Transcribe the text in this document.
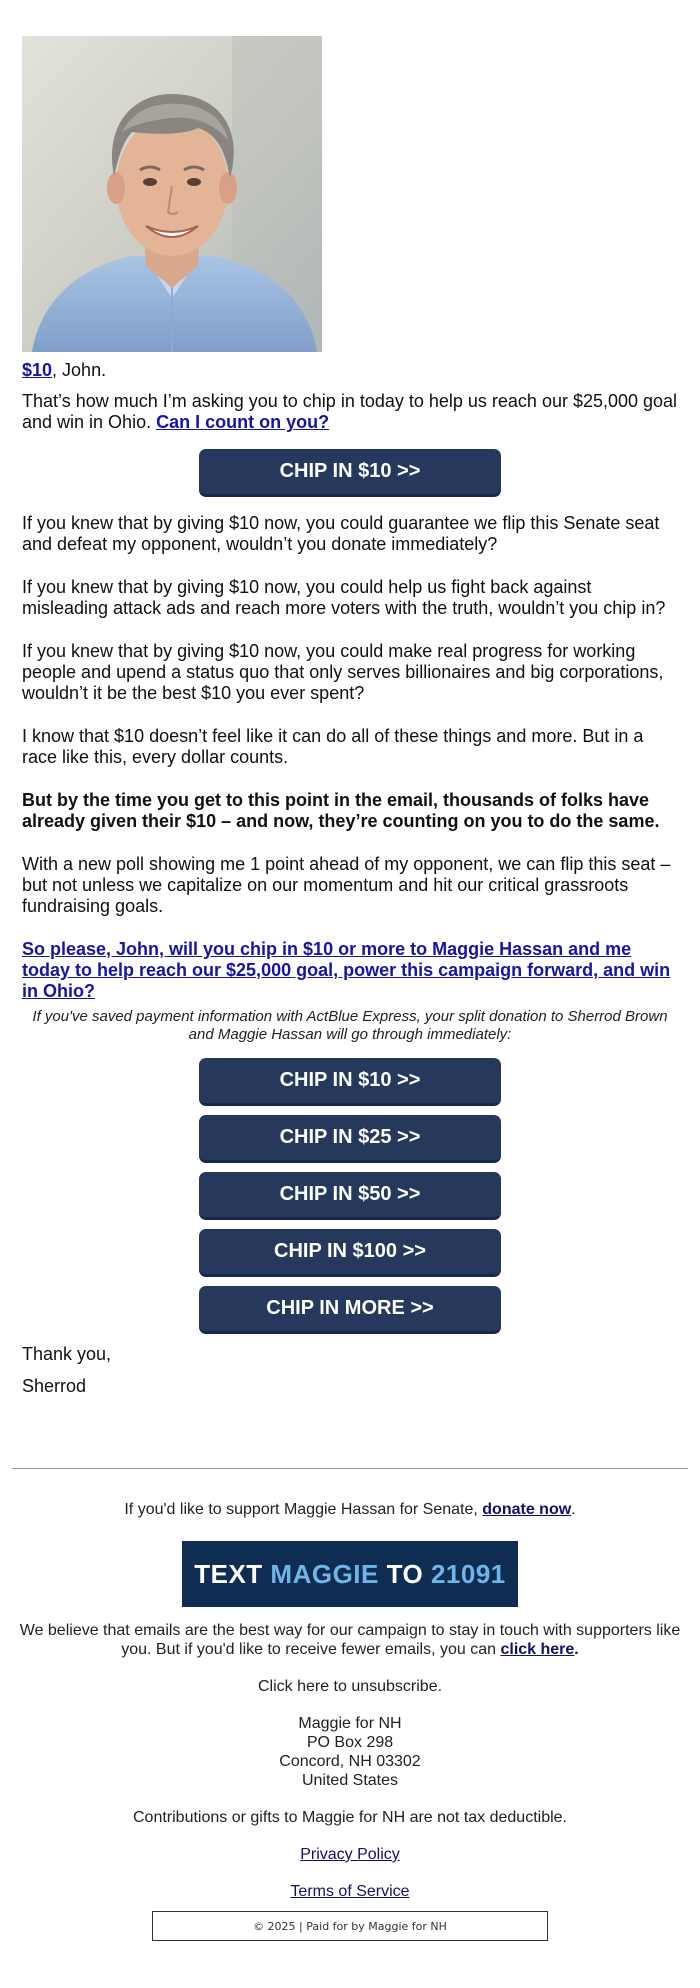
$10, John.

That’s how much I’m asking you to chip in today to help us reach our $25,000 goal and win in Ohio. Can I count on you?

CHIP IN $10 >>

If you knew that by giving $10 now, you could guarantee we flip this Senate seat and defeat my opponent, wouldn’t you donate immediately?

If you knew that by giving $10 now, you could help us fight back against misleading attack ads and reach more voters with the truth, wouldn’t you chip in?

If you knew that by giving $10 now, you could make real progress for working people and upend a status quo that only serves billionaires and big corporations, wouldn’t it be the best $10 you ever spent?

I know that $10 doesn’t feel like it can do all of these things and more. But in a race like this, every dollar counts.

But by the time you get to this point in the email, thousands of folks have already given their $10 – and now, they’re counting on you to do the same.

With a new poll showing me 1 point ahead of my opponent, we can flip this seat – but not unless we capitalize on our momentum and hit our critical grassroots fundraising goals.

So please, John, will you chip in $10 or more to Maggie Hassan and me today to help reach our $25,000 goal, power this campaign forward, and win in Ohio?

If you've saved payment information with ActBlue Express, your split donation to Sherrod Brown and Maggie Hassan will go through immediately:

CHIP IN $10 >>
CHIP IN $25 >>
CHIP IN $50 >>
CHIP IN $100 >>
CHIP IN MORE >>

Thank you,

Sherrod

If you'd like to support Maggie Hassan for Senate, donate now.

TEXT
MAGGIE
TO
21091

We believe that emails are the best way for our campaign to stay in touch with supporters like you. But if you'd like to receive fewer emails, you can click here.

Click here to unsubscribe.

Maggie for NH

PO Box 298

Concord, NH 03302

United States

Contributions or gifts to Maggie for NH are not tax deductible.

Privacy Policy

Terms of Service

© 2025 | Paid for by Maggie for NH
